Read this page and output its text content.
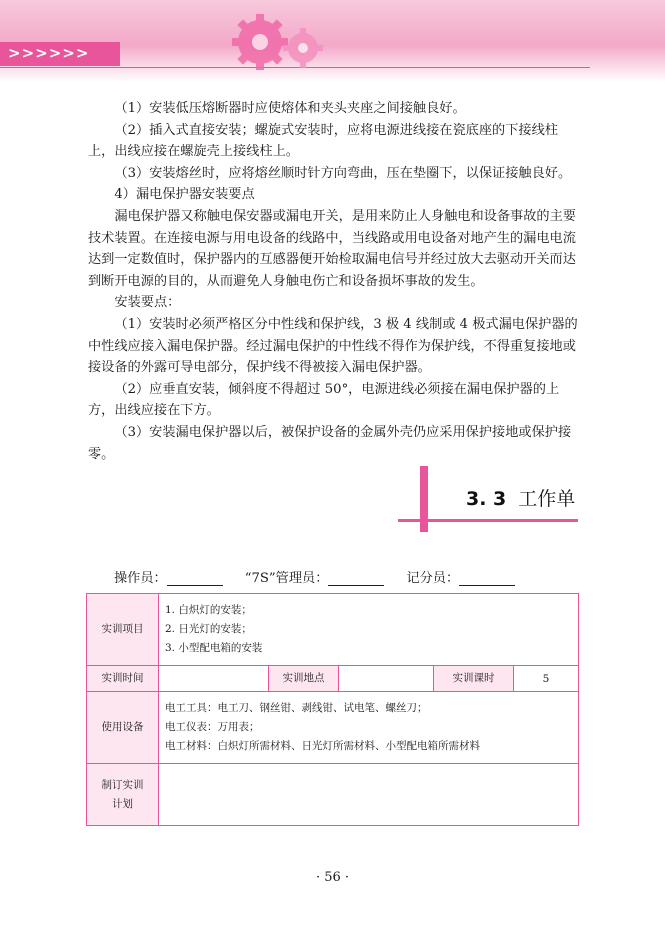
>>>>>>

（1）安装低压熔断器时应使熔体和夹头夹座之间接触良好。

（2）插入式直接安装；螺旋式安装时，应将电源进线接在瓷底座的下接线柱上，出线应接在螺旋壳上接线柱上。

（3）安装熔丝时，应将熔丝顺时针方向弯曲，压在垫圈下，以保证接触良好。

4）漏电保护器安装要点

漏电保护器又称触电保安器或漏电开关，是用来防止人身触电和设备事故的主要技术装置。在连接电源与用电设备的线路中，当线路或用电设备对地产生的漏电电流达到一定数值时，保护器内的互感器便开始检取漏电信号并经过放大去驱动开关而达到断开电源的目的，从而避免人身触电伤亡和设备损坏事故的发生。

安装要点：

（1）安装时必须严格区分中性线和保护线，3 极 4 线制或 4 极式漏电保护器的中性线应接入漏电保护器。经过漏电保护的中性线不得作为保护线，不得重复接地或接设备的外露可导电部分，保护线不得被接入漏电保护器。

（2）应垂直安装，倾斜度不得超过 50°，电源进线必须接在漏电保护器的上方，出线应接在下方。

（3）安装漏电保护器以后，被保护设备的金属外壳仍应采用保护接地或保护接零。

3. 3 工作单
操作员：	“7S”管理员：	记分员：
实训项目	1. 白炽灯的安装；
2. 日光灯的安装；
3. 小型配电箱的安装				

实训时间		实训地点		实训课时	5
使用设备	电工工具：电工刀、钢丝钳、剥线钳、试电笔、螺丝刀；
电工仪表：万用表；
电工材料：白炽灯所需材料、日光灯所需材料、小型配电箱所需材料				

制订实训
计划					

· 56 ·
